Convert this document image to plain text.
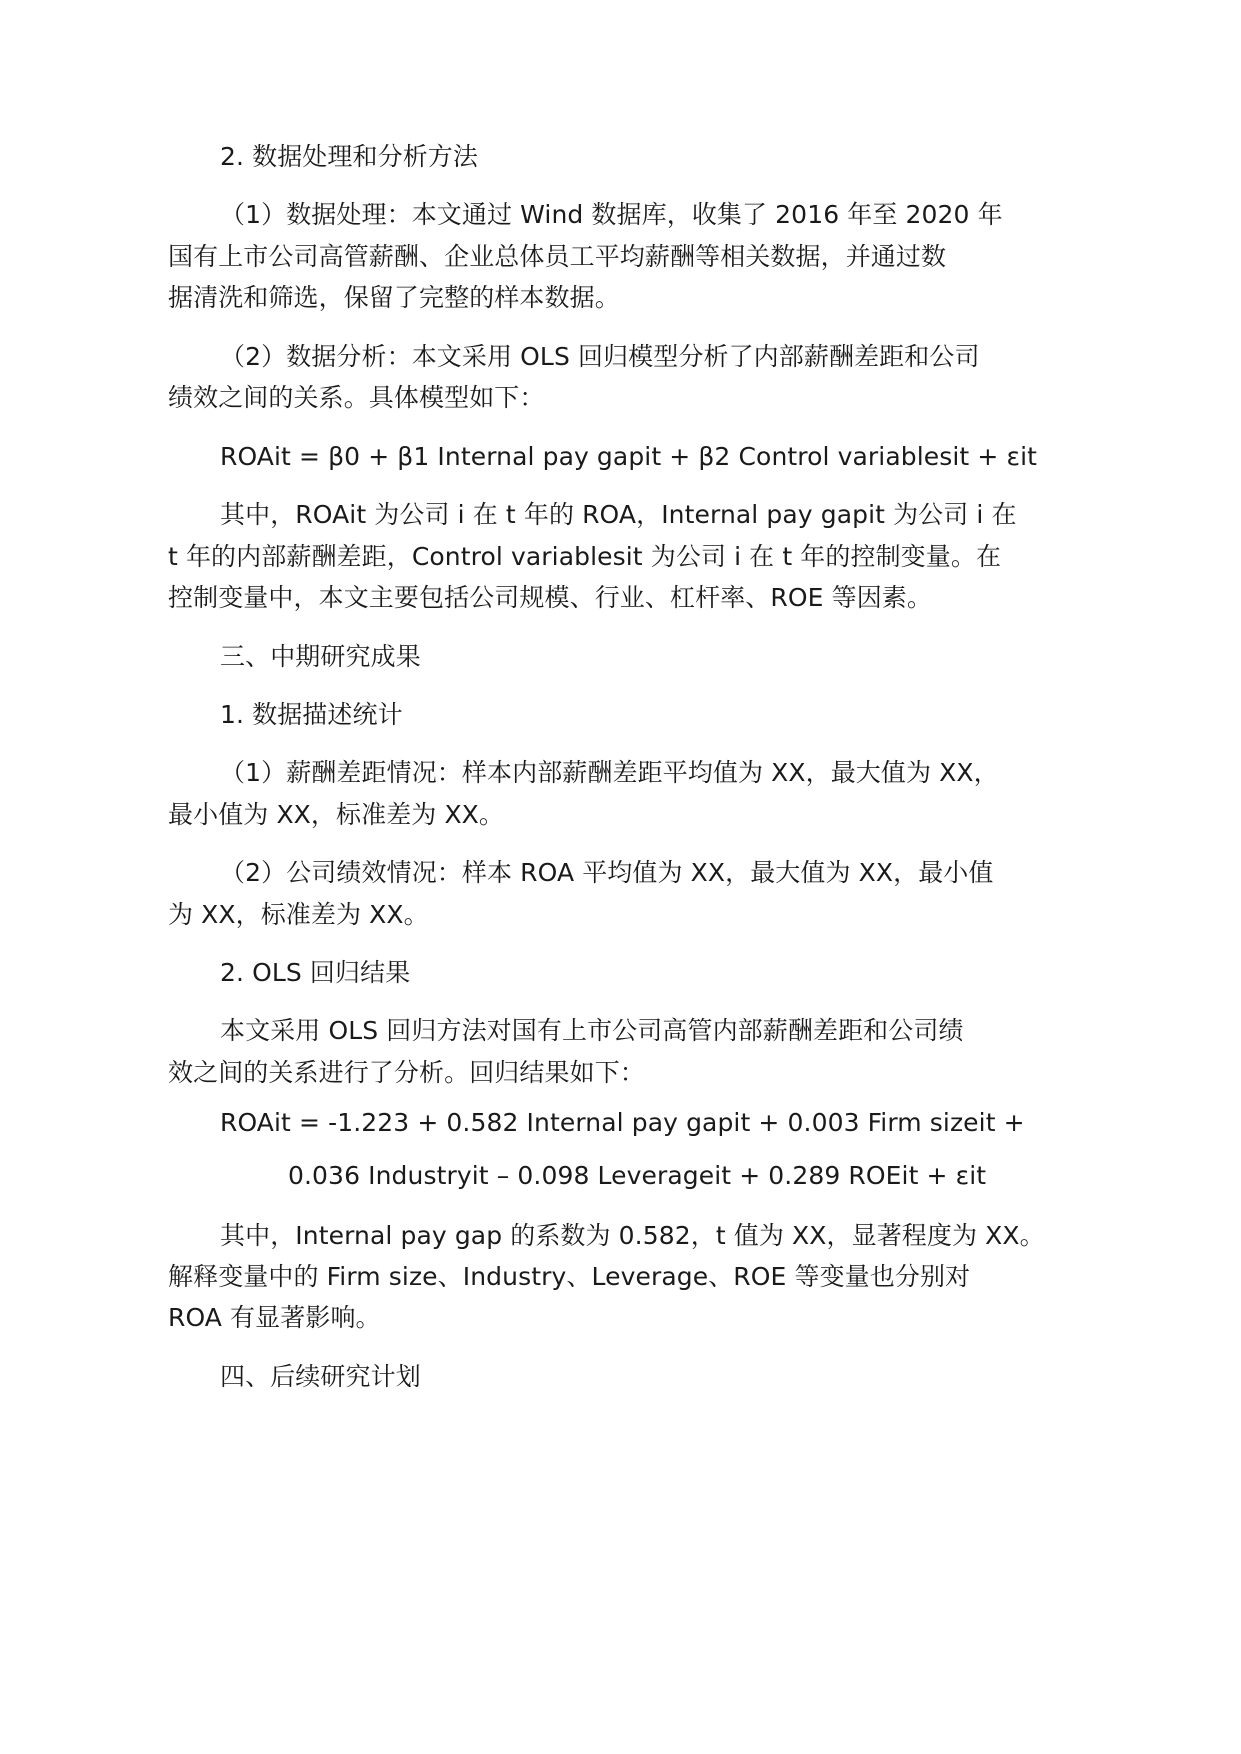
2. 数据处理和分析方法
（1）数据处理：本文通过 Wind 数据库，收集了 2016 年至 2020 年
国有上市公司高管薪酬、企业总体员工平均薪酬等相关数据，并通过数
据清洗和筛选，保留了完整的样本数据。
（2）数据分析：本文采用 OLS 回归模型分析了内部薪酬差距和公司
绩效之间的关系。具体模型如下：
ROAit = β0 + β1 Internal pay gapit + β2 Control variablesit + εit
其中，ROAit 为公司 i 在 t 年的 ROA，Internal pay gapit 为公司 i 在
t 年的内部薪酬差距，Control variablesit 为公司 i 在 t 年的控制变量。在
控制变量中，本文主要包括公司规模、行业、杠杆率、ROE 等因素。
三、中期研究成果
1. 数据描述统计
（1）薪酬差距情况：样本内部薪酬差距平均值为 XX，最大值为 XX，
最小值为 XX，标准差为 XX。
（2）公司绩效情况：样本 ROA 平均值为 XX，最大值为 XX，最小值
为 XX，标准差为 XX。
2. OLS 回归结果
本文采用 OLS 回归方法对国有上市公司高管内部薪酬差距和公司绩
效之间的关系进行了分析。回归结果如下：
ROAit = -1.223 + 0.582 Internal pay gapit + 0.003 Firm sizeit +
0.036 Industryit – 0.098 Leverageit + 0.289 ROEit + εit
其中，Internal pay gap 的系数为 0.582，t 值为 XX，显著程度为 XX。
解释变量中的 Firm size、Industry、Leverage、ROE 等变量也分别对
ROA 有显著影响。
四、后续研究计划
